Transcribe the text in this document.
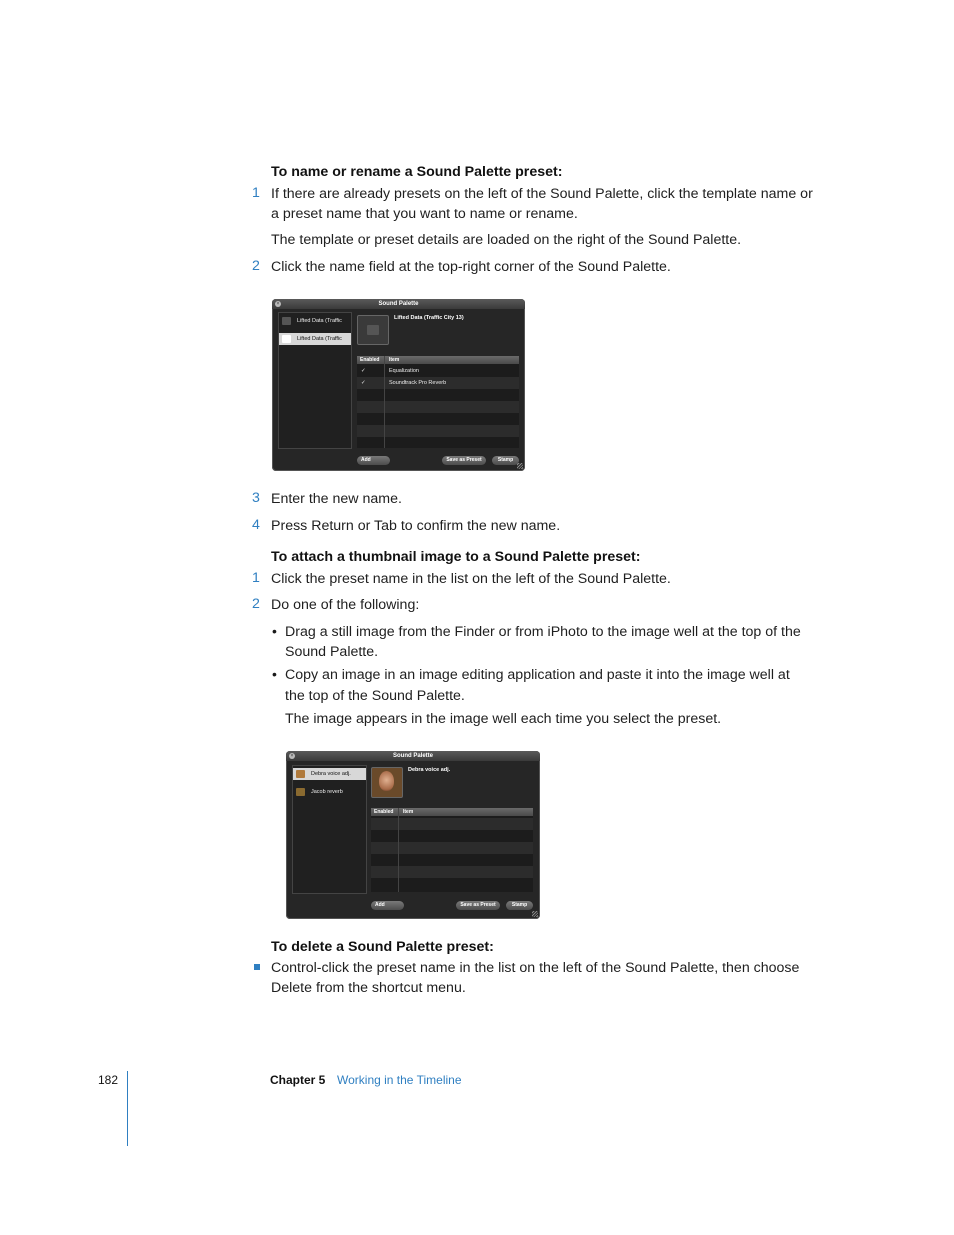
To name or rename a Sound Palette preset:
1 If there are already presets on the left of the Sound Palette, click the template name or
a preset name that you want to name or rename.
The template or preset details are loaded on the right of the Sound Palette.
2 Click the name field at the top-right corner of the Sound Palette.
Sound Palette
×
Lifted Data (Traffic
Lifted Data (Traffic
Lifted Data (Traffic City 13)
Enabled Item
✓	Equalization
✓	Soundtrack Pro Reverb
Add	Save as Preset	Stamp
3 Enter the new name.
4 Press Return or Tab to confirm the new name.
To attach a thumbnail image to a Sound Palette preset:
1 Click the preset name in the list on the left of the Sound Palette.
2 Do one of the following:
• Drag a still image from the Finder or from iPhoto to the image well at the top of the
Sound Palette.
• Copy an image in an image editing application and paste it into the image well at
the top of the Sound Palette.
The image appears in the image well each time you select the preset.
Sound Palette
×
Debra voice adj.
Jacob reverb
Debra voice adj.
Enabled Item
Add	Save as Preset	Stamp
To delete a Sound Palette preset:
Control-click the preset name in the list on the left of the Sound Palette, then choose
Delete from the shortcut menu.
182	Chapter 5 Working in the Timeline
